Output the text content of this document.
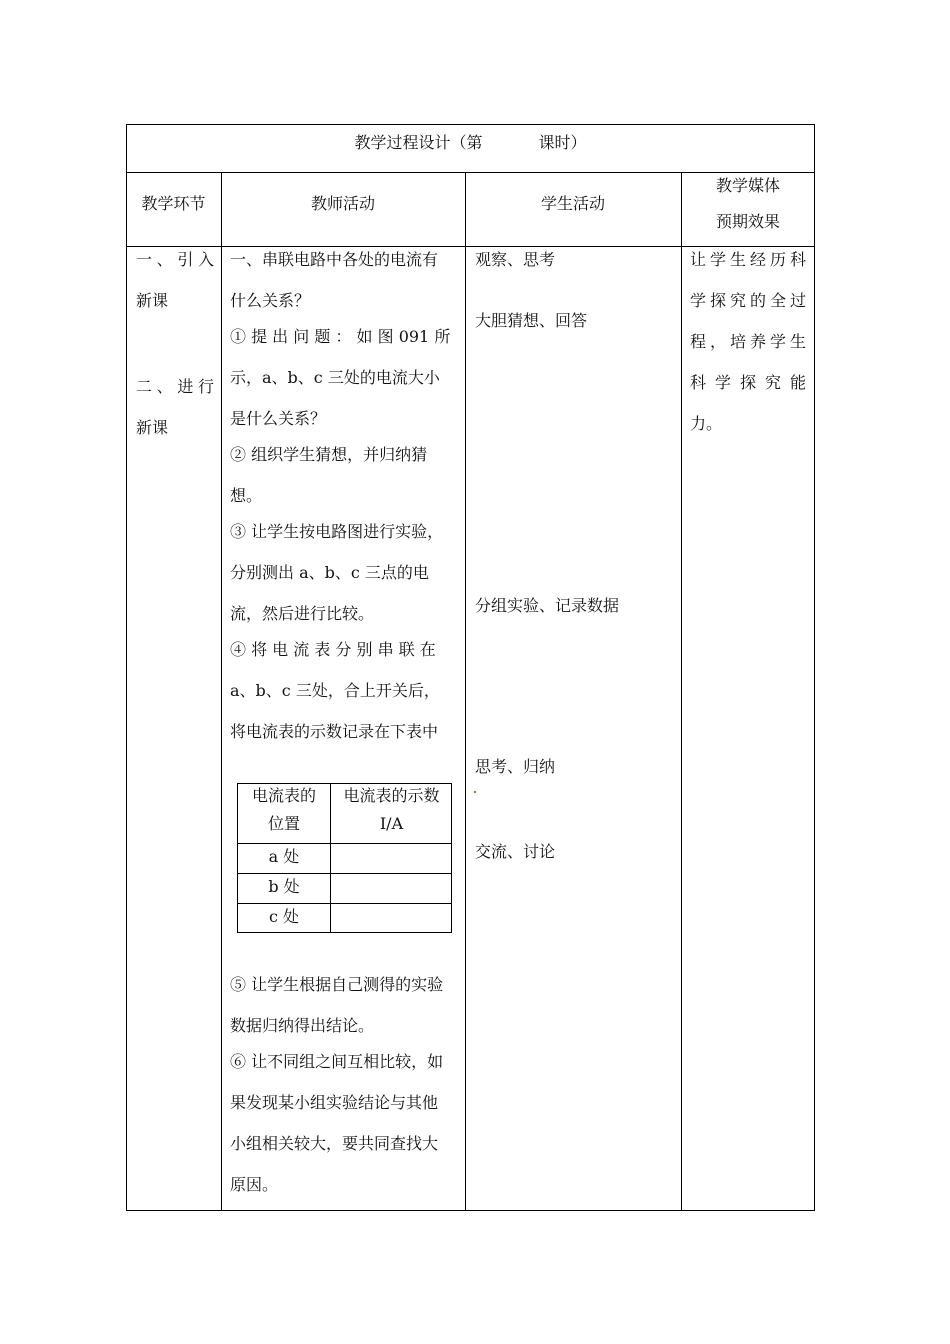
教学过程设计（第           课时）
教学环节	教师活动	学生活动
教学媒体
预期效果
一、引入
新课
二、进行
新课
一、串联电路中各处的电流有
什么关系？
① 提 出 问 题 ： 如 图 091 所
示，a、b、c 三处的电流大小
是什么关系？
② 组织学生猜想，并归纳猜
想。
③ 让学生按电路图进行实验，
分别测出 a、b、c 三点的电
流，然后进行比较。
④ 将 电 流 表 分 别 串 联 在
a、b、c 三处，合上开关后，
将电流表的示数记录在下表中
电流表的
位置
电流表的示数
I/A
a 处
b 处
c 处
⑤ 让学生根据自己测得的实验
数据归纳得出结论。
⑥ 让不同组之间互相比较，如
果发现某小组实验结论与其他
小组相关较大，要共同查找大
原因。
观察、思考
大胆猜想、回答
分组实验、记录数据
思考、归纳
交流、讨论
让学生经历科
学探究的全过
程，培养学生
科 学 探 究 能
力。
